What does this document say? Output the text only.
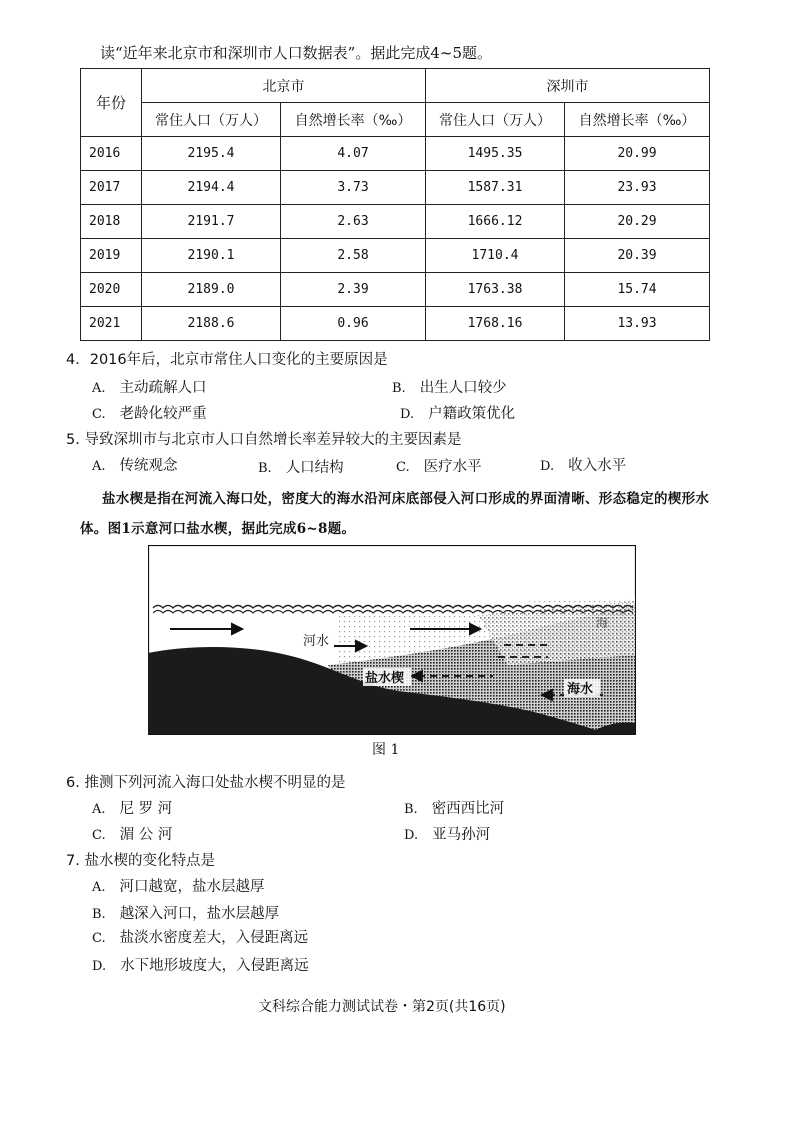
读“近年来北京市和深圳市人口数据表”。据此完成4~5题。
年份	北京市		深圳市	
	常住人口（万人）	自然增长率（‰）	常住人口（万人）	自然增长率（‰）
2016	2195.4	4.07	1495.35	20.99
2017	2194.4	3.73	1587.31	23.93
2018	2191.7	2.63	1666.12	20.29
2019	2190.1	2.58	1710.4	20.39
2020	2189.0	2.39	1763.38	15.74
2021	2188.6	0.96	1768.16	13.93
4．2016年后，北京市常住人口变化的主要原因是
A. 主动疏解人口	B. 出生人口较少
C. 老龄化较严重	D. 户籍政策优化
5. 导致深圳市与北京市人口自然增长率差异较大的主要因素是
A. 传统观念	B. 人口结构	C. 医疗水平	D. 收入水平
盐水楔是指在河流入海口处，密度大的海水沿河床底部侵入河口形成的界面清晰、形态稳定的楔形水体。图1示意河口盐水楔，据此完成6~8题。
河水
盐水楔
海水
海
图 1
6. 推测下列河流入海口处盐水楔不明显的是
A. 尼 罗 河	B. 密西西比河
C. 湄 公 河	D. 亚马孙河
7. 盐水楔的变化特点是
A. 河口越宽，盐水层越厚
B. 越深入河口，盐水层越厚
C. 盐淡水密度差大，入侵距离远
D. 水下地形坡度大，入侵距离远
文科综合能力测试试卷・第2页(共16页)
